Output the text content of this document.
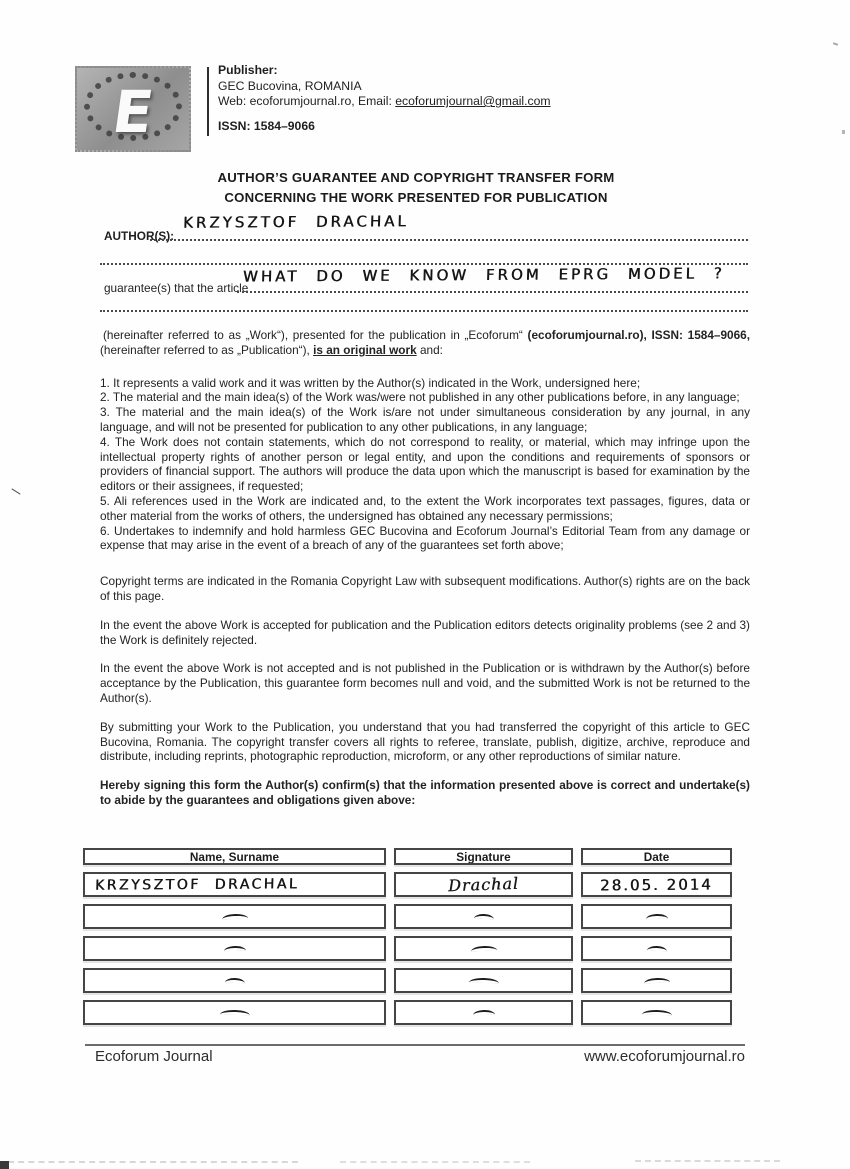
E
Publisher:
GEC Bucovina, ROMANIA
Web: ecoforumjournal.ro, Email: ecoforumjournal@gmail.com
ISSN: 1584–9066
AUTHOR’S GUARANTEE AND COPYRIGHT TRANSFER FORM
CONCERNING THE WORK PRESENTED FOR PUBLICATION
AUTHOR(S):
KRZYSZTOF DRACHAL
guarantee(s) that the article
WHAT DO WE KNOW FROM EPRG MODEL ?

(hereinafter referred to as „Work“), presented for the publication in „Ecoforum“ (ecoforumjournal.ro), ISSN: 1584–9066, (hereinafter referred to as „Publication“), is an original work and:

1. It represents a valid work and it was written by the Author(s) indicated in the Work, undersigned here;

2. The material and the main idea(s) of the Work was/were not published in any other publications before, in any language;

3. The material and the main idea(s) of the Work is/are not under simultaneous consideration by any journal, in any language, and will not be presented for publication to any other publications, in any language;

4. The Work does not contain statements, which do not correspond to reality, or material, which may infringe upon the intellectual property rights of another person or legal entity, and upon the conditions and requirements of sponsors or providers of financial support. The authors will produce the data upon which the manuscript is based for examination by the editors or their assignees, if requested;

5. Ali references used in the Work are indicated and, to the extent the Work incorporates text passages, figures, data or other material from the works of others, the undersigned has obtained any necessary permissions;

6. Undertakes to indemnify and hold harmless GEC Bucovina and Ecoforum Journal’s Editorial Team from any damage or expense that may arise in the event of a breach of any of the guarantees set forth above;

Copyright terms are indicated in the Romania Copyright Law with subsequent modifications. Author(s) rights are on the back of this page.

In the event the above Work is accepted for publication and the Publication editors detects originality problems (see 2 and 3) the Work is definitely rejected.

In the event the above Work is not accepted and is not published in the Publication or is withdrawn by the Author(s) before acceptance by the Publication, this guarantee form becomes null and void, and the submitted Work is not be returned to the Author(s).

By submitting your Work to the Publication, you understand that you had transferred the copyright of this article to GEC Bucovina, Romania. The copyright transfer covers all rights to referee, translate, publish, digitize, archive, reproduce and distribute, including reprints, photographic reproduction, microform, or any other reproductions of similar nature.

Hereby signing this form the Author(s) confirm(s) that the information presented above is correct and undertake(s) to abide by the guarantees and obligations given above:

Name, Surname	Signature	Date
KRZYSZTOF DRACHAL	Drachal	28.05. 2014
Ecoforum Journal	www.ecoforumjournal.ro
